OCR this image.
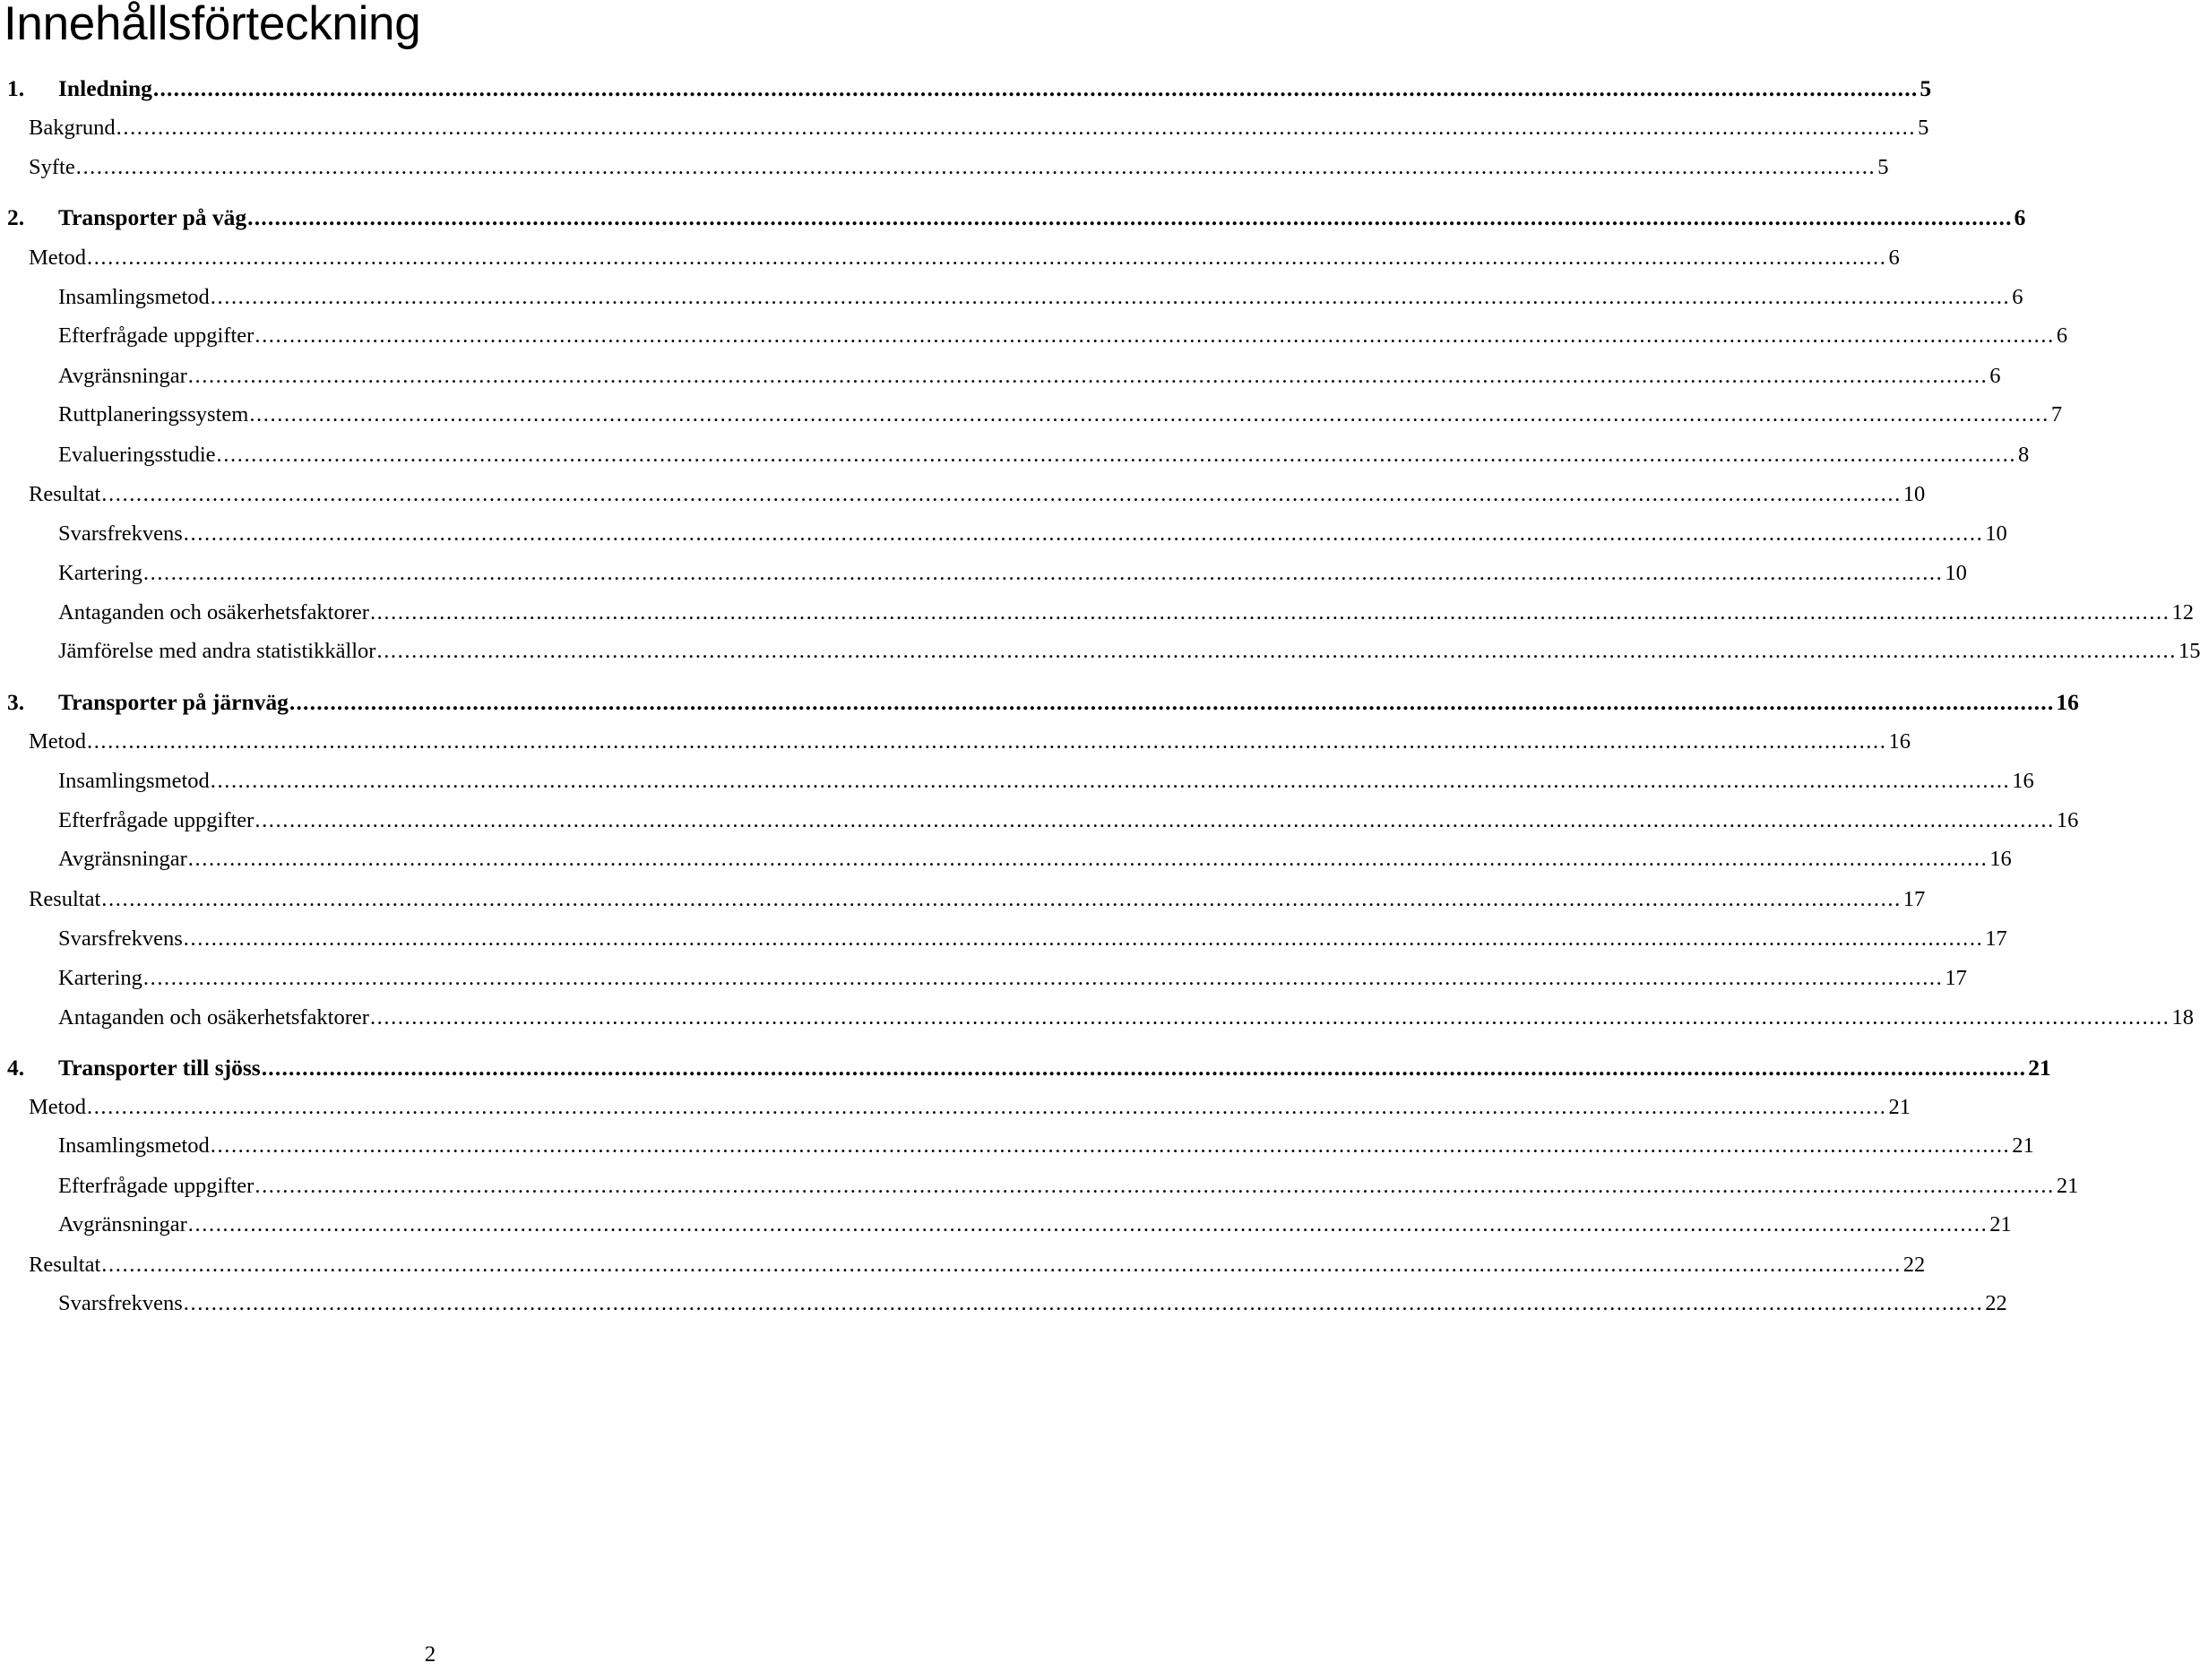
Innehållsförteckning
1. Inledning .................................................................................................................................................................................................................................................................... 5
Bakgrund .................................................................................................................................................................................................................................................................... 5
Syfte .................................................................................................................................................................................................................................................................... 5
2. Transporter på väg .................................................................................................................................................................................................................................................................... 6
Metod .................................................................................................................................................................................................................................................................... 6
Insamlingsmetod .................................................................................................................................................................................................................................................................... 6
Efterfrågade uppgifter .................................................................................................................................................................................................................................................................... 6
Avgränsningar .................................................................................................................................................................................................................................................................... 6
Ruttplaneringssystem .................................................................................................................................................................................................................................................................... 7
Evalueringsstudie .................................................................................................................................................................................................................................................................... 8
Resultat .................................................................................................................................................................................................................................................................... 10
Svarsfrekvens .................................................................................................................................................................................................................................................................... 10
Kartering .................................................................................................................................................................................................................................................................... 10
Antaganden och osäkerhetsfaktorer .................................................................................................................................................................................................................................................................... 12
Jämförelse med andra statistikkällor .................................................................................................................................................................................................................................................................... 15
3. Transporter på järnväg .................................................................................................................................................................................................................................................................... 16
Metod .................................................................................................................................................................................................................................................................... 16
Insamlingsmetod .................................................................................................................................................................................................................................................................... 16
Efterfrågade uppgifter .................................................................................................................................................................................................................................................................... 16
Avgränsningar .................................................................................................................................................................................................................................................................... 16
Resultat .................................................................................................................................................................................................................................................................... 17
Svarsfrekvens .................................................................................................................................................................................................................................................................... 17
Kartering .................................................................................................................................................................................................................................................................... 17
Antaganden och osäkerhetsfaktorer .................................................................................................................................................................................................................................................................... 18
4. Transporter till sjöss .................................................................................................................................................................................................................................................................... 21
Metod .................................................................................................................................................................................................................................................................... 21
Insamlingsmetod .................................................................................................................................................................................................................................................................... 21
Efterfrågade uppgifter .................................................................................................................................................................................................................................................................... 21
Avgränsningar .................................................................................................................................................................................................................................................................... 21
Resultat .................................................................................................................................................................................................................................................................... 22
Svarsfrekvens .................................................................................................................................................................................................................................................................... 22
2
